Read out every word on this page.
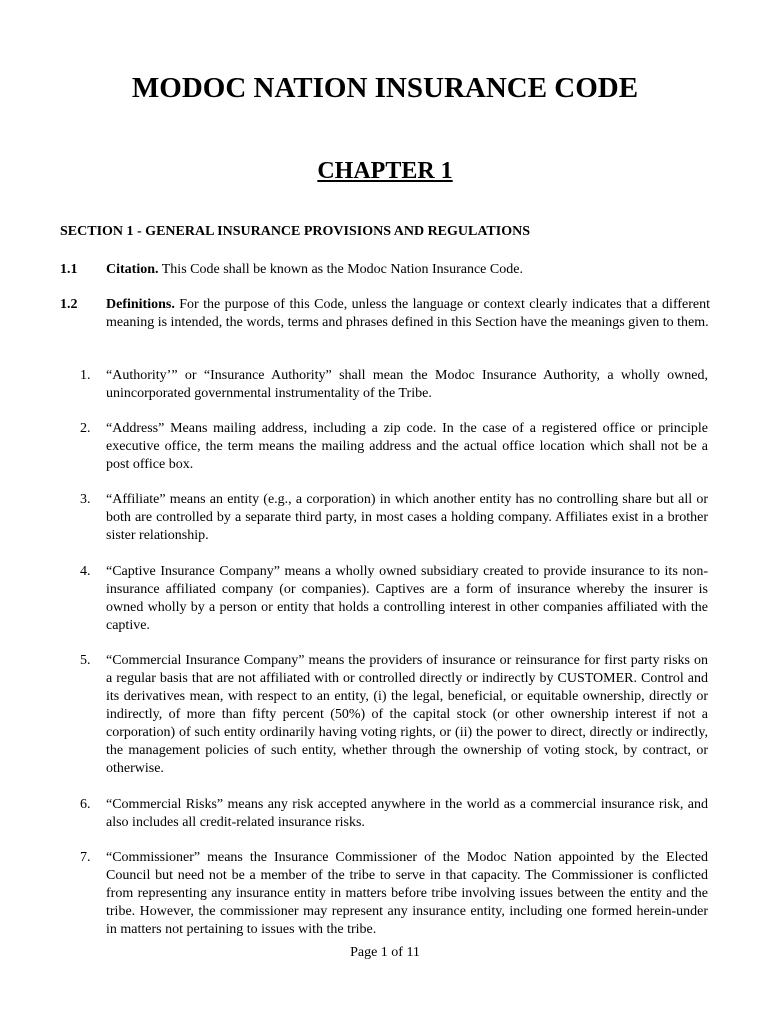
MODOC NATION INSURANCE CODE
CHAPTER 1
SECTION 1 - GENERAL INSURANCE PROVISIONS AND REGULATIONS
1.1 Citation. This Code shall be known as the Modoc Nation Insurance Code.
1.2 Definitions. For the purpose of this Code, unless the language or context clearly indicates that a different meaning is intended, the words, terms and phrases defined in this Section have the meanings given to them.
1. “Authority’” or “Insurance Authority” shall mean the Modoc Insurance Authority, a wholly owned, unincorporated governmental instrumentality of the Tribe.
2. “Address” Means mailing address, including a zip code. In the case of a registered office or principle executive office, the term means the mailing address and the actual office location which shall not be a post office box.
3. “Affiliate” means an entity (e.g., a corporation) in which another entity has no controlling share but all or both are controlled by a separate third party, in most cases a holding company. Affiliates exist in a brother sister relationship.
4. “Captive Insurance Company” means a wholly owned subsidiary created to provide insurance to its non-insurance affiliated company (or companies). Captives are a form of insurance whereby the insurer is owned wholly by a person or entity that holds a controlling interest in other companies affiliated with the captive.
5. “Commercial Insurance Company” means the providers of insurance or reinsurance for first party risks on a regular basis that are not affiliated with or controlled directly or indirectly by CUSTOMER. Control and its derivatives mean, with respect to an entity, (i) the legal, beneficial, or equitable ownership, directly or indirectly, of more than fifty percent (50%) of the capital stock (or other ownership interest if not a corporation) of such entity ordinarily having voting rights, or (ii) the power to direct, directly or indirectly, the management policies of such entity, whether through the ownership of voting stock, by contract, or otherwise.
6. “Commercial Risks” means any risk accepted anywhere in the world as a commercial insurance risk, and also includes all credit-related insurance risks.
7. “Commissioner” means the Insurance Commissioner of the Modoc Nation appointed by the Elected Council but need not be a member of the tribe to serve in that capacity. The Commissioner is conflicted from representing any insurance entity in matters before tribe involving issues between the entity and the tribe. However, the commissioner may represent any insurance entity, including one formed herein-under in matters not pertaining to issues with the tribe.
Page 1 of 11
